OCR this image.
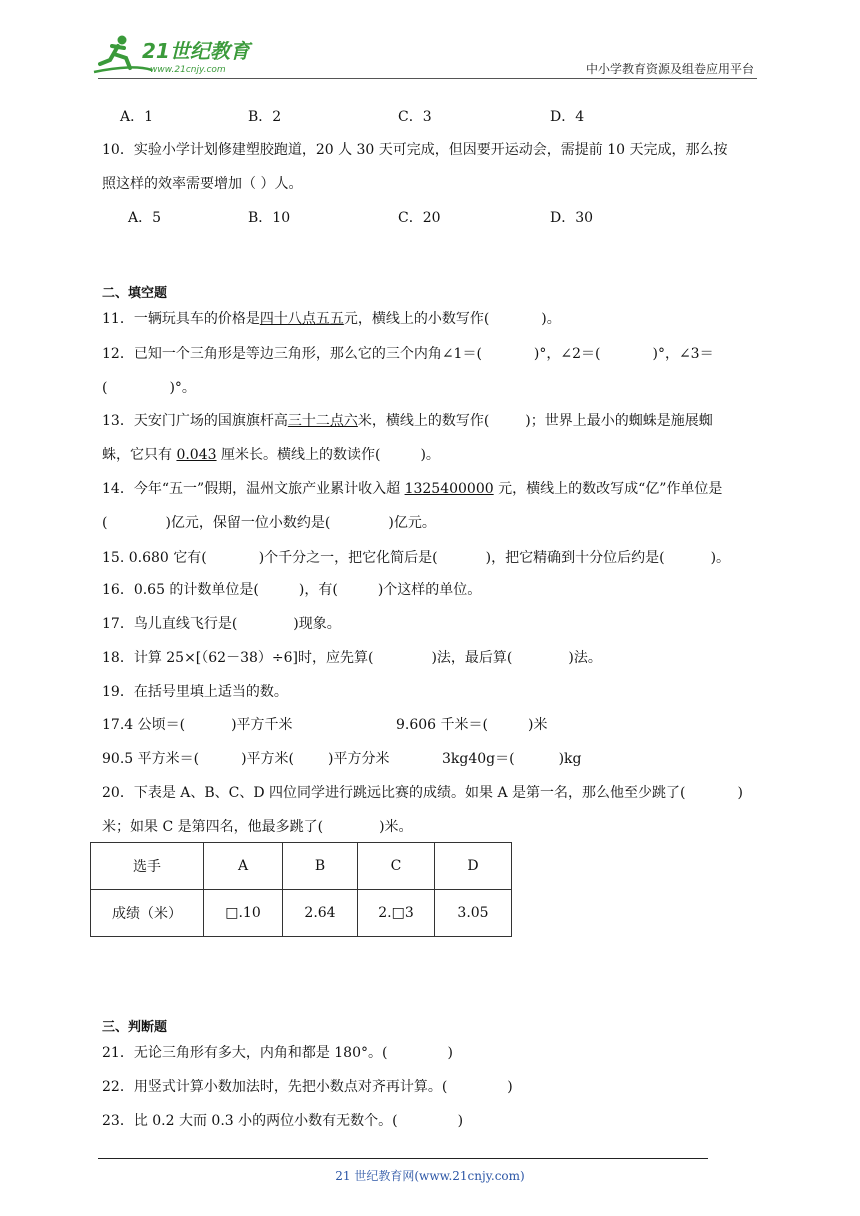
21世纪教育
www.21cnjy.com	中小学教育资源及组卷应用平台
A．1	B．2	C．3	D．4
10．实验小学计划修建塑胶跑道，20 人 30 天可完成，但因要开运动会，需提前 10 天完成，那么按
照这样的效率需要增加（ ）人。
A．5	B．10	C．20	D．30
二、填空题
11．一辆玩具车的价格是四十八点五五元，横线上的小数写作(	)。
12．已知一个三角形是等边三角形，那么它的三个内角∠1＝(	)°，∠2＝(	)°，∠3＝
(	)°。
13．天安门广场的国旗旗杆高三十二点六米，横线上的数写作(	)；世界上最小的蜘蛛是施展蜘
蛛，它只有 0.043 厘米长。横线上的数读作(	)。
14．今年“五一”假期，温州文旅产业累计收入超 1325400000 元，横线上的数改写成“亿”作单位是
(	)亿元，保留一位小数约是(	)亿元。
15. 0.680 它有(	)个千分之一，把它化简后是(	)，把它精确到十分位后约是(	)。
16．0.65 的计数单位是(	)，有(	)个这样的单位。
17．鸟儿直线飞行是(	)现象。
18．计算 25×[（62－38）÷6]时，应先算(	)法，最后算(	)法。
19．在括号里填上适当的数。
17.4 公顷＝(	)平方千米	9.606 千米＝(	)米
90.5 平方米＝(	)平方米( )平方分米	3kg40g＝(	)kg
20．下表是 A、B、C、D 四位同学进行跳远比赛的成绩。如果 A 是第一名，那么他至少跳了(	)
米；如果 C 是第四名，他最多跳了(	)米。
选手	A	B	C	D
成绩（米）	□.10	2.64	2.□3	3.05
三、判断题
21．无论三角形有多大，内角和都是 180°。(	)
22．用竖式计算小数加法时，先把小数点对齐再计算。(	)
23．比 0.2 大而 0.3 小的两位小数有无数个。(	)
21 世纪教育网(www.21cnjy.com)
